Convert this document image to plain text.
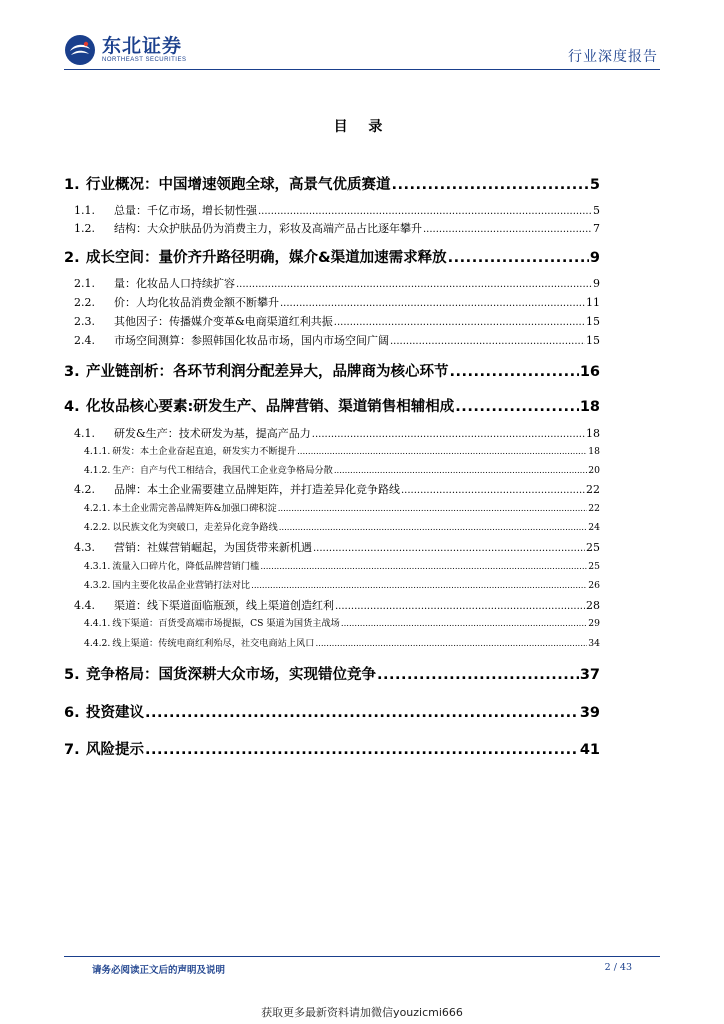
东北证券
NORTHEAST SECURITIES	行业深度报告
目 录
1. 行业概况：中国增速领跑全球，高景气优质赛道 .....	5
1.1.	总量：千亿市场，增长韧性强 .....	5
1.2.	结构：大众护肤品仍为消费主力，彩妆及高端产品占比逐年攀升 .....	7
2. 成长空间：量价齐升路径明确，媒介&渠道加速需求释放 .....	9
2.1.	量：化妆品人口持续扩容 .....	9
2.2.	价：人均化妆品消费金额不断攀升 .....	11
2.3.	其他因子：传播媒介变革&电商渠道红利共振 .....	15
2.4.	市场空间测算：参照韩国化妆品市场，国内市场空间广阔 .....	15
3. 产业链剖析：各环节利润分配差异大，品牌商为核心环节 .....	16
4. 化妆品核心要素:研发生产、品牌营销、渠道销售相辅相成 .....	18
4.1.	研发&生产：技术研发为基，提高产品力 .....	18
4.1.1. 研发：本土企业奋起直追，研发实力不断提升 .....	18
4.1.2. 生产：自产与代工相结合，我国代工企业竞争格局分散 .....	20
4.2.	品牌：本土企业需要建立品牌矩阵，并打造差异化竞争路线 .....	22
4.2.1. 本土企业需完善品牌矩阵&加强口碑积淀 .....	22
4.2.2. 以民族文化为突破口，走差异化竞争路线 .....	24
4.3.	营销：社媒营销崛起，为国货带来新机遇 .....	25
4.3.1. 流量入口碎片化，降低品牌营销门槛 .....	25
4.3.2. 国内主要化妆品企业营销打法对比 .....	26
4.4.	渠道：线下渠道面临瓶颈，线上渠道创造红利 .....	28
4.4.1. 线下渠道：百货受高端市场提振，CS 渠道为国货主战场 .....	29
4.4.2. 线上渠道：传统电商红利殆尽，社交电商站上风口 .....	34
5. 竞争格局：国货深耕大众市场，实现错位竞争 .....	37
6. 投资建议 .....	39
7. 风险提示 .....	41
请务必阅读正文后的声明及说明	2 / 43
获取更多最新资料请加微信youzicmi666
